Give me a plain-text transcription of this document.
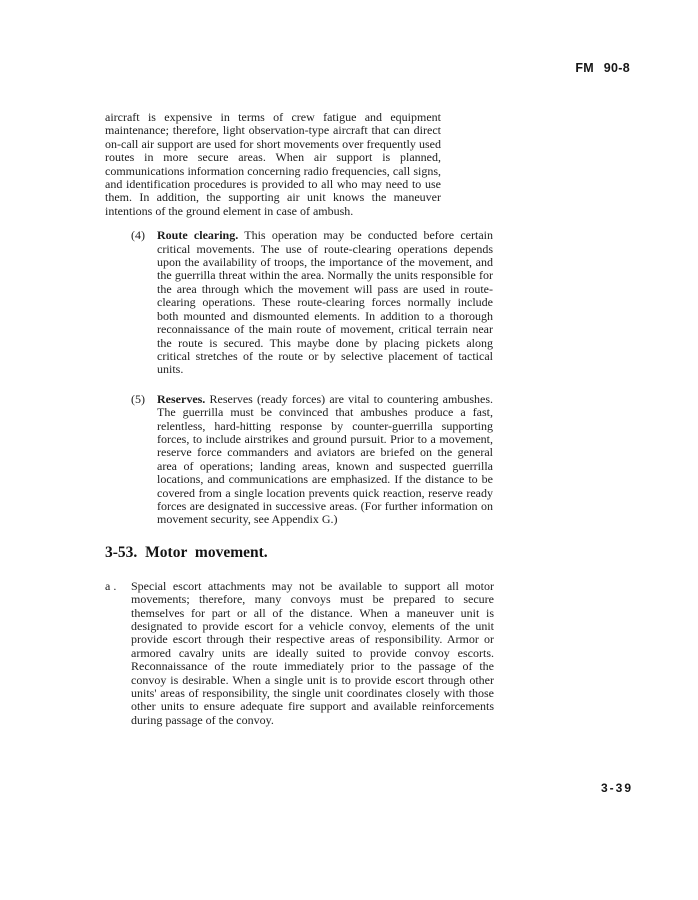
FM 90-8

aircraft is expensive in terms of crew fatigue and equipment maintenance; therefore, light observation-type aircraft that can direct on-call air support are used for short movements over frequently used routes in more secure areas. When air support is planned, communications information concerning radio frequencies, call signs, and identification procedures is provided to all who may need to use them. In addition, the supporting air unit knows the maneuver intentions of the ground element in case of ambush.

(4) Route clearing. This operation may be conducted before certain critical movements. The use of route-clearing operations depends upon the availability of troops, the importance of the movement, and the guerrilla threat within the area. Normally the units responsible for the area through which the movement will pass are used in route-clearing operations. These route-clearing forces normally include both mounted and dismounted elements. In addition to a thorough reconnaissance of the main route of movement, critical terrain near the route is secured. This maybe done by placing pickets along critical stretches of the route or by selective placement of tactical units.

(5) Reserves. Reserves (ready forces) are vital to countering ambushes. The guerrilla must be convinced that ambushes produce a fast, relentless, hard-hitting response by counter-guerrilla supporting forces, to include airstrikes and ground pursuit. Prior to a movement, reserve force commanders and aviators are briefed on the general area of operations; landing areas, known and suspected guerrilla locations, and communications are emphasized. If the distance to be covered from a single location prevents quick reaction, reserve ready forces are designated in successive areas. (For further information on movement security, see Appendix G.)

3-53. Motor movement.
a . Special escort attachments may not be available to support all motor movements; therefore, many convoys must be prepared to secure themselves for part or all of the distance. When a maneuver unit is designated to provide escort for a vehicle convoy, elements of the unit provide escort through their respective areas of responsibility. Armor or armored cavalry units are ideally suited to provide convoy escorts. Reconnaissance of the route immediately prior to the passage of the convoy is desirable. When a single unit is to provide escort through other units' areas of responsibility, the single unit coordinates closely with those other units to ensure adequate fire support and available reinforcements during passage of the convoy.

3-39
